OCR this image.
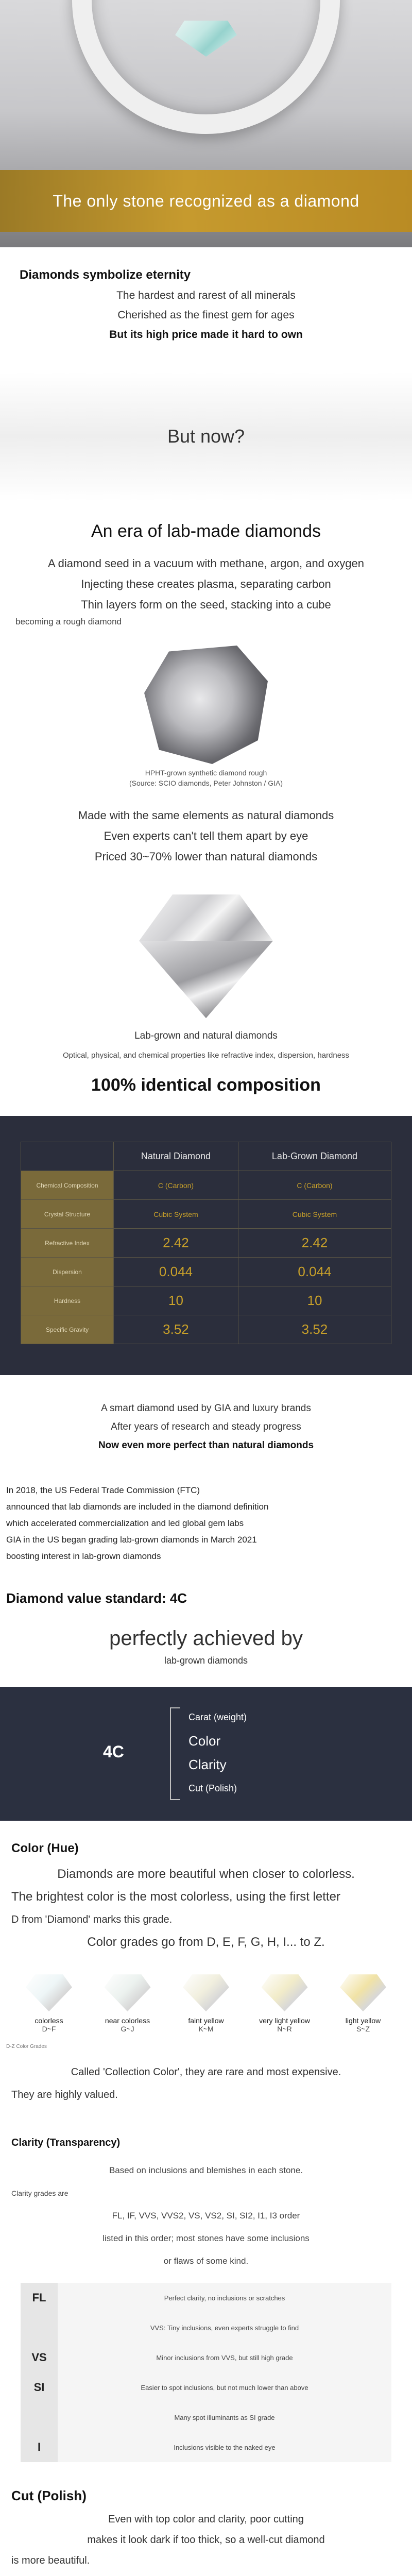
The only stone recognized as a diamond
Diamonds symbolize eternity
The hardest and rarest of all minerals
Cherished as the finest gem for ages
But its high price made it hard to own
But now?
An era of lab-made diamonds
A diamond seed in a vacuum with methane, argon, and oxygen
Injecting these creates plasma, separating carbon
Thin layers form on the seed, stacking into a cube
becoming a rough diamond
HPHT-grown synthetic diamond rough
(Source: SCIO diamonds, Peter Johnston / GIA)
Made with the same elements as natural diamonds
Even experts can't tell them apart by eye
Priced 30~70% lower than natural diamonds
Lab-grown and natural diamonds
Optical, physical, and chemical properties like refractive index, dispersion, hardness
100% identical composition
	Natural Diamond	Lab-Grown Diamond
Chemical Composition	C (Carbon)	C (Carbon)
Crystal Structure	Cubic System	Cubic System
Refractive Index	2.42	2.42
Dispersion	0.044	0.044
Hardness	10	10
Specific Gravity	3.52	3.52
A smart diamond used by GIA and luxury brands
After years of research and steady progress
Now even more perfect than natural diamonds

In 2018, the US Federal Trade Commission (FTC)

announced that lab diamonds are included in the diamond definition

which accelerated commercialization and led global gem labs

GIA in the US began grading lab-grown diamonds in March 2021

boosting interest in lab-grown diamonds

Diamond value standard: 4C
perfectly achieved by
lab-grown diamonds
4C
Carat (weight)
Color
Clarity
Cut (Polish)
Color (Hue)
Diamonds are more beautiful when closer to colorless.
The brightest color is the most colorless, using the first letter
D from 'Diamond' marks this grade.
Color grades go from D, E, F, G, H, I... to Z.
colorless
D~F
near colorless
G~J
faint yellow
K~M
very light yellow
N~R
light yellow
S~Z
D-Z Color Grades
Called 'Collection Color', they are rare and most expensive.
They are highly valued.
Clarity (Transparency)
Based on inclusions and blemishes in each stone.
Clarity grades are
FL, IF, VVS, VVS2, VS, VS2, SI, SI2, I1, I3 order
listed in this order; most stones have some inclusions
or flaws of some kind.
FL	Perfect clarity, no inclusions or scratches
	VVS: Tiny inclusions, even experts struggle to find
VS	Minor inclusions from VVS, but still high grade
SI	Easier to spot inclusions, but not much lower than above
	Many spot illuminants as SI grade
I	Inclusions visible to the naked eye
Cut (Polish)
Even with top color and clarity, poor cutting
makes it look dark if too thick, so a well-cut diamond
is more beautiful.
